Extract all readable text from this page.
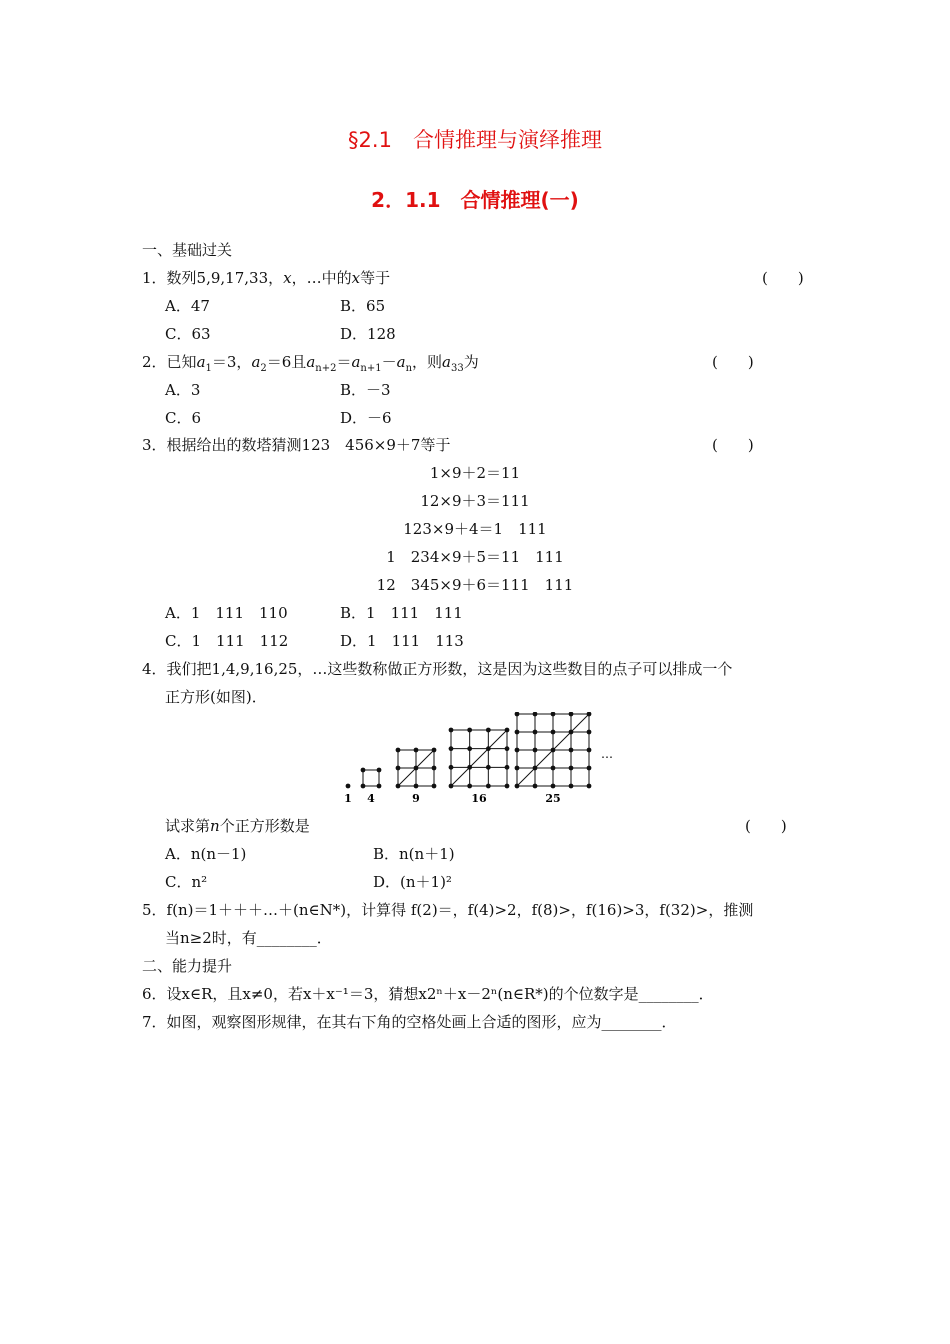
§2.1　合情推理与演绎推理
2．1.1　合情推理(一)
一、基础过关
1．数列5,9,17,33，x，…中的x等于	(　　)
A．47	B．65
C．63	D．128
2．已知$a_1=3$，$a_2=6$且$a_{n+2}=a_{n+1}-a_n$，则$a_{33}$为	(　　)
A．3	B．－3
C．6	D．－6
3．根据给出的数塔猜测123　456×9＋7等于	(　　)
1×9＋2＝11
12×9＋3＝111
123×9＋4＝1　111
1　234×9＋5＝11　111
12　345×9＋6＝111　111
A．1　111　110	B．1　111　111
C．1　111　112	D．1　111　113
4．我们把1,4,9,16,25，…这些数称做正方形数，这是因为这些数目的点子可以排成一个
正方形(如图)．
1 4	9	16	25
…
试求第n个正方形数是	(　　)
A．n(n－1)	B．n(n＋1)
C．n²	D．(n＋1)²
5．f(n)＝1＋＋＋…＋(n∈N*)，计算得 f(2)＝，f(4)>2，f(8)>，f(16)>3，f(32)>，推测
当n≥2时，有________．
二、能力提升
6．设x∈R，且x≠0，若x＋x⁻¹＝3，猜想x2ⁿ＋x－2ⁿ(n∈R*)的个位数字是________．
7．如图，观察图形规律，在其右下角的空格处画上合适的图形，应为________．
